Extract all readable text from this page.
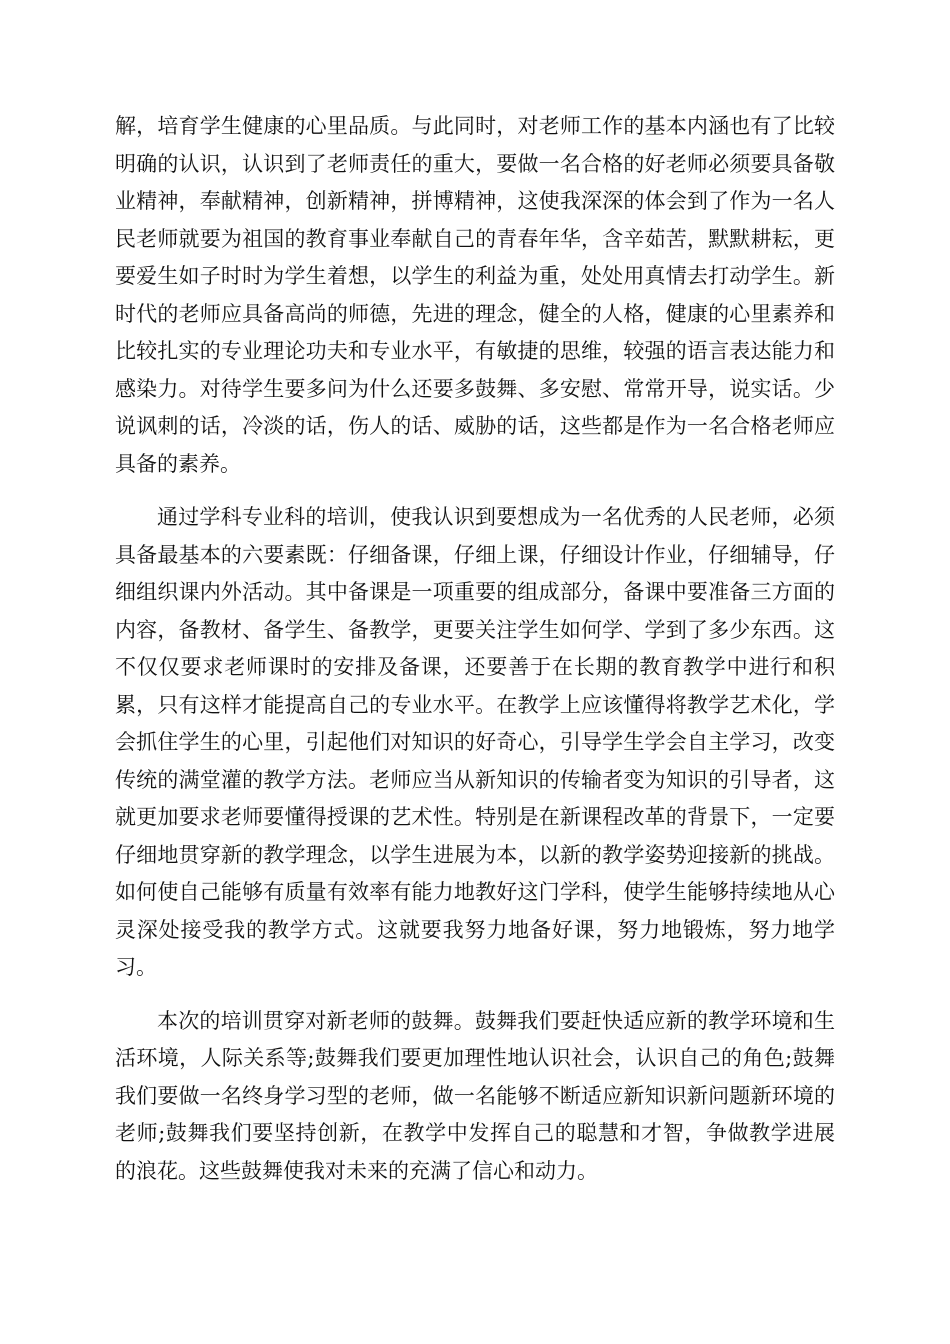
解，培育学生健康的心里品质。与此同时，对老师工作的基本内涵也有了比较明确的认识，认识到了老师责任的重大，要做一名合格的好老师必须要具备敬业精神，奉献精神，创新精神，拼博精神，这使我深深的体会到了作为一名人民老师就要为祖国的教育事业奉献自己的青春年华，含辛茹苦，默默耕耘，更要爱生如子时时为学生着想，以学生的利益为重，处处用真情去打动学生。新时代的老师应具备高尚的师德，先进的理念，健全的人格，健康的心里素养和比较扎实的专业理论功夫和专业水平，有敏捷的思维，较强的语言表达能力和感染力。对待学生要多问为什么还要多鼓舞、多安慰、常常开导，说实话。少说讽刺的话，冷淡的话，伤人的话、威胁的话，这些都是作为一名合格老师应具备的素养。

通过学科专业科的培训，使我认识到要想成为一名优秀的人民老师，必须具备最基本的六要素既：仔细备课，仔细上课，仔细设计作业，仔细辅导，仔细组织课内外活动。其中备课是一项重要的组成部分，备课中要准备三方面的内容，备教材、备学生、备教学，更要关注学生如何学、学到了多少东西。这不仅仅要求老师课时的安排及备课，还要善于在长期的教育教学中进行和积累，只有这样才能提高自己的专业水平。在教学上应该懂得将教学艺术化，学会抓住学生的心里，引起他们对知识的好奇心，引导学生学会自主学习，改变传统的满堂灌的教学方法。老师应当从新知识的传输者变为知识的引导者，这就更加要求老师要懂得授课的艺术性。特别是在新课程改革的背景下，一定要仔细地贯穿新的教学理念，以学生进展为本，以新的教学姿势迎接新的挑战。如何使自己能够有质量有效率有能力地教好这门学科，使学生能够持续地从心灵深处接受我的教学方式。这就要我努力地备好课，努力地锻炼，努力地学习。

本次的培训贯穿对新老师的鼓舞。鼓舞我们要赶快适应新的教学环境和生活环境，人际关系等;鼓舞我们要更加理性地认识社会，认识自己的角色;鼓舞我们要做一名终身学习型的老师，做一名能够不断适应新知识新问题新环境的老师;鼓舞我们要坚持创新，在教学中发挥自己的聪慧和才智，争做教学进展的浪花。这些鼓舞使我对未来的充满了信心和动力。
